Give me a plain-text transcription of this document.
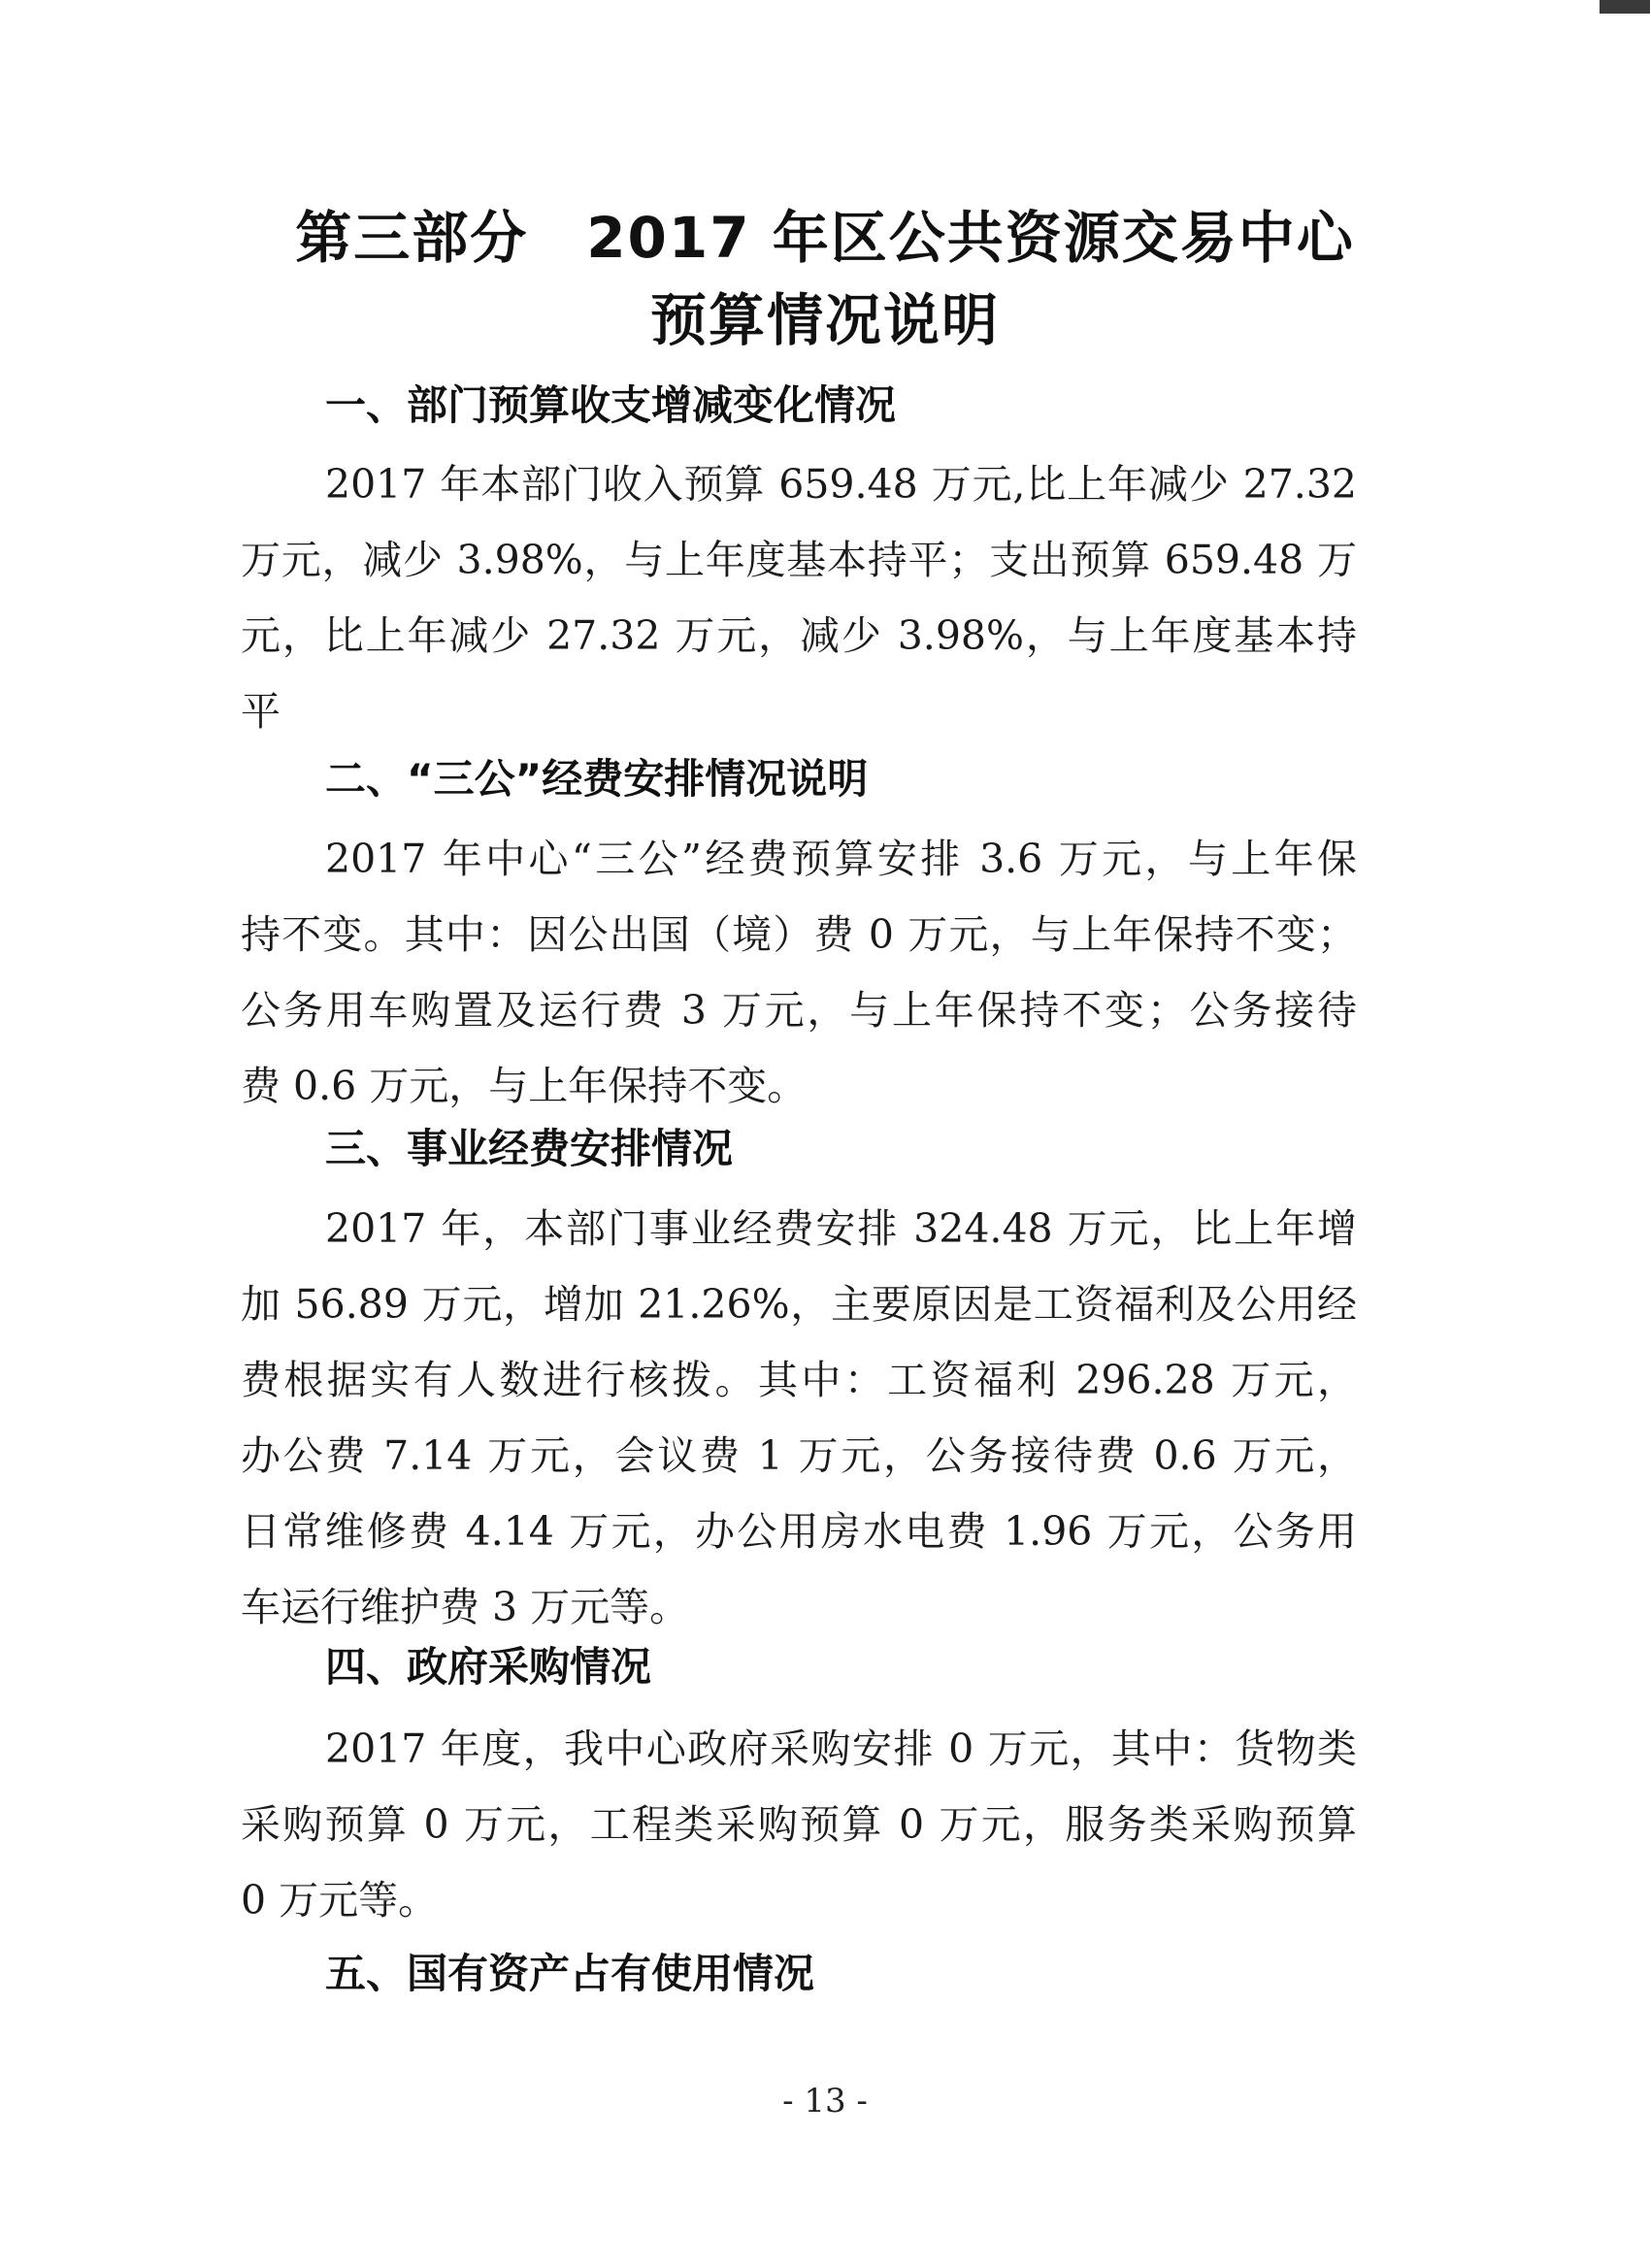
第三部分　2017 年区公共资源交易中心
预算情况说明
一、部门预算收支增减变化情况
2017 年本部门收入预算 659.48 万元,比上年减少 27.32
万元，减少 3.98%，与上年度基本持平；支出预算 659.48 万
元，比上年减少 27.32 万元，减少 3.98%，与上年度基本持
平
二、“三公”经费安排情况说明
2017 年中心“三公”经费预算安排 3.6 万元，与上年保
持不变。其中：因公出国（境）费 0 万元，与上年保持不变；
公务用车购置及运行费 3 万元，与上年保持不变；公务接待
费 0.6 万元，与上年保持不变。
三、事业经费安排情况
2017 年，本部门事业经费安排 324.48 万元，比上年增
加 56.89 万元，增加 21.26%，主要原因是工资福利及公用经
费根据实有人数进行核拨。其中：工资福利 296.28 万元，
办公费 7.14 万元，会议费 1 万元，公务接待费 0.6 万元，
日常维修费 4.14 万元，办公用房水电费 1.96 万元，公务用
车运行维护费 3 万元等。
四、政府采购情况
2017 年度，我中心政府采购安排 0 万元，其中：货物类
采购预算 0 万元，工程类采购预算 0 万元，服务类采购预算
0 万元等。
五、国有资产占有使用情况
- 13 -
